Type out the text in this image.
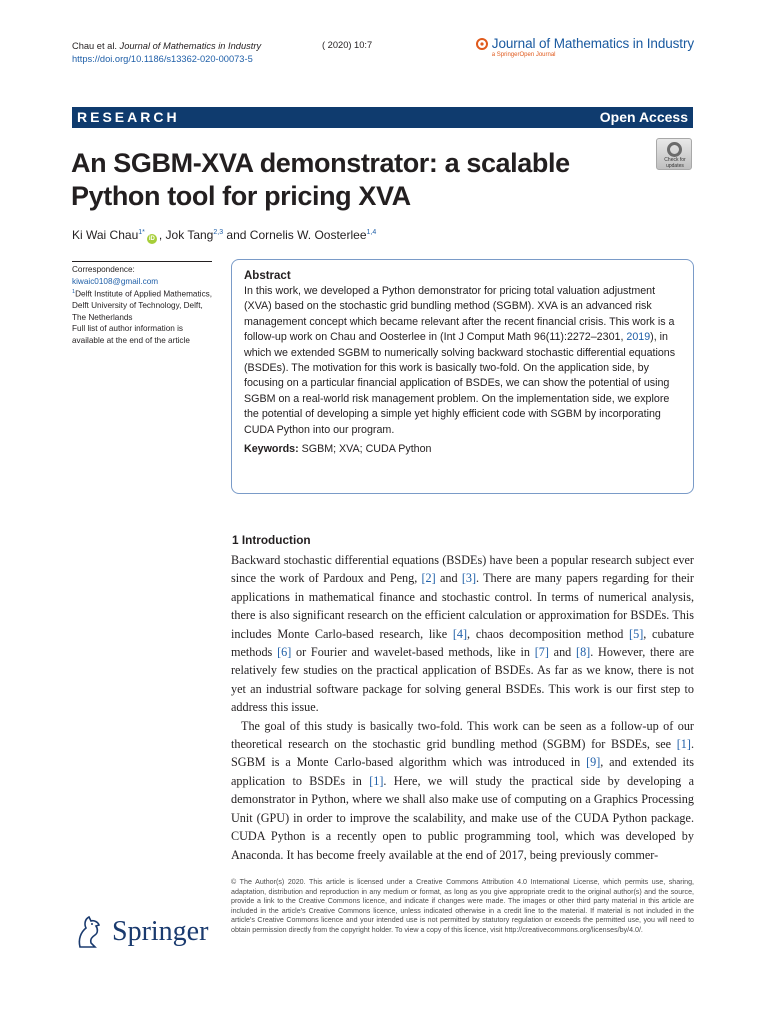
Chau et al. Journal of Mathematics in Industry
https://doi.org/10.1186/s13362-020-00073-5
( 2020) 10:7	Journal of Mathematics in Industry
a SpringerOpen Journal
RESEARCH	Open Access
An SGBM-XVA demonstrator: a scalable Python tool for pricing XVA
Check for updates
Ki Wai Chau$^{1*}$iD , Jok Tang$^{2,3}$ and Cornelis W. Oosterlee$^{1,4}$
Correspondence:
kiwaic0108@gmail.com
$^1$Delft Institute of Applied Mathematics, Delft University of Technology, Delft, The Netherlands
Full list of author information is available at the end of the article
Abstract
In this work, we developed a Python demonstrator for pricing total valuation adjustment (XVA) based on the stochastic grid bundling method (SGBM). XVA is an advanced risk management concept which became relevant after the recent financial crisis. This work is a follow-up work on Chau and Oosterlee in (Int J Comput Math 96(11):2272–2301, 2019), in which we extended SGBM to numerically solving backward stochastic differential equations (BSDEs). The motivation for this work is basically two-fold. On the application side, by focusing on a particular financial application of BSDEs, we can show the potential of using SGBM on a real-world risk management problem. On the implementation side, we explore the potential of developing a simple yet highly efficient code with SGBM by incorporating CUDA Python into our program.
Keywords: SGBM; XVA; CUDA Python
1 Introduction

Backward stochastic differential equations (BSDEs) have been a popular research subject ever since the work of Pardoux and Peng, [2] and [3]. There are many papers regarding for their applications in mathematical finance and stochastic control. In terms of numerical analysis, there is also significant research on the efficient calculation or approximation for BSDEs. This includes Monte Carlo-based research, like [4], chaos decomposition method [5], cubature methods [6] or Fourier and wavelet-based methods, like in [7] and [8]. However, there are relatively few studies on the practical application of BSDEs. As far as we know, there is not yet an industrial software package for solving general BSDEs. This work is our first step to address this issue.

The goal of this study is basically two-fold. This work can be seen as a follow-up of our theoretical research on the stochastic grid bundling method (SGBM) for BSDEs, see [1]. SGBM is a Monte Carlo-based algorithm which was introduced in [9], and extended its application to BSDEs in [1]. Here, we will study the practical side by developing a demonstrator in Python, where we shall also make use of computing on a Graphics Processing Unit (GPU) in order to improve the scalability, and make use of the CUDA Python package. CUDA Python is a recently open to public programming tool, which was developed by Anaconda. It has become freely available at the end of 2017, being previously commer-

© The Author(s) 2020. This article is licensed under a Creative Commons Attribution 4.0 International License, which permits use, sharing, adaptation, distribution and reproduction in any medium or format, as long as you give appropriate credit to the original author(s) and the source, provide a link to the Creative Commons licence, and indicate if changes were made. The images or other third party material in this article are included in the article’s Creative Commons licence, unless indicated otherwise in a credit line to the material. If material is not included in the article’s Creative Commons licence and your intended use is not permitted by statutory regulation or exceeds the permitted use, you will need to obtain permission directly from the copyright holder. To view a copy of this licence, visit http://creativecommons.org/licenses/by/4.0/.
Springer
